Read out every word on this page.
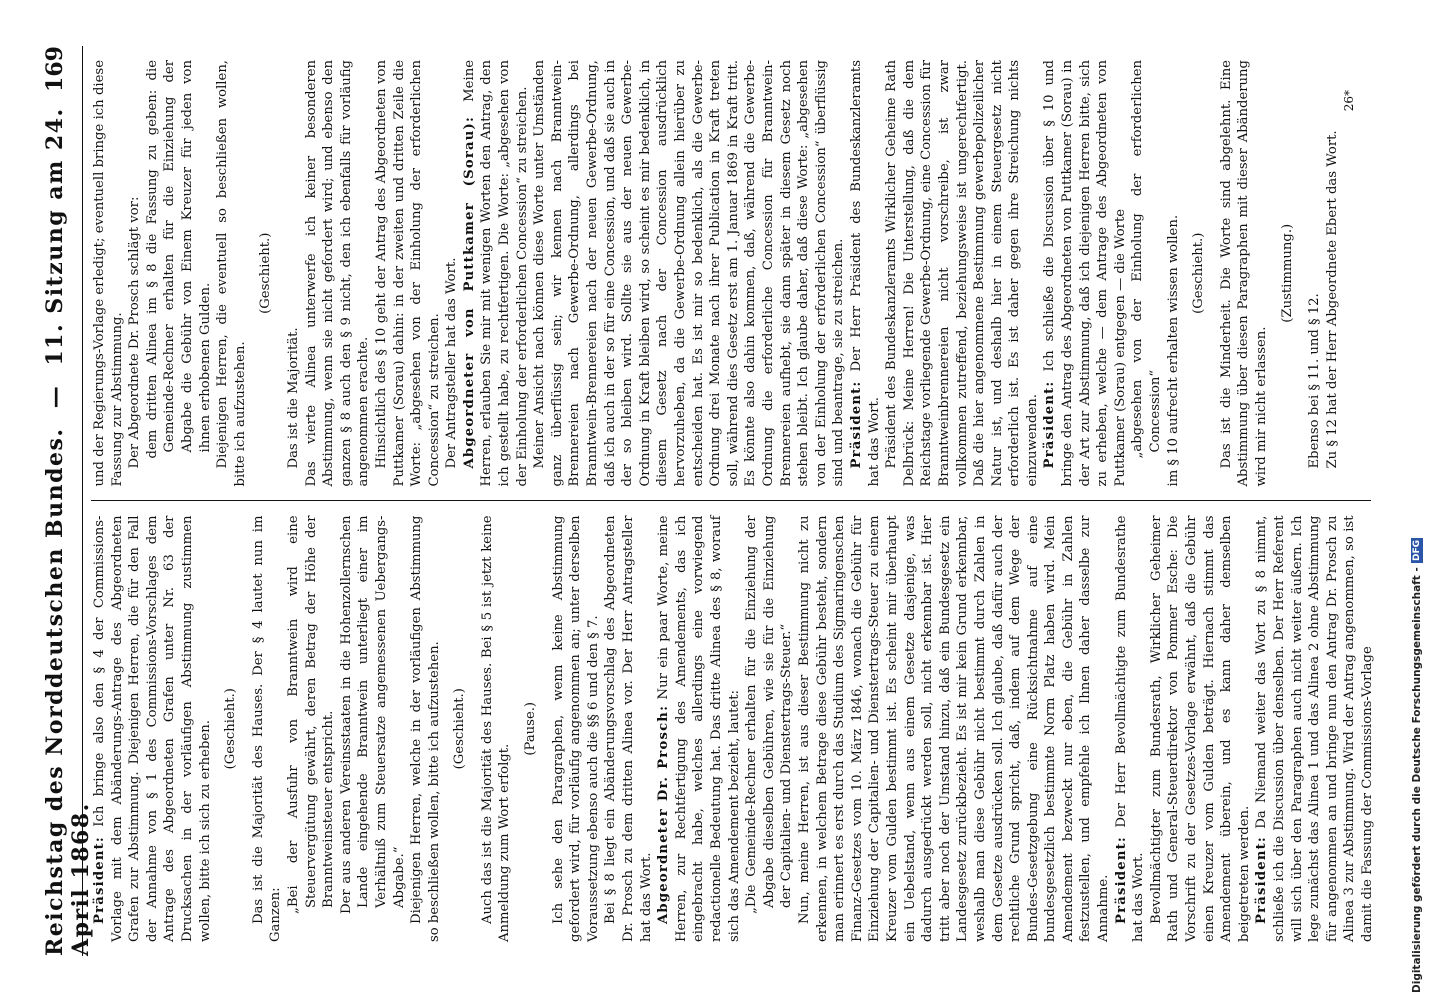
Reichstag des Norddeutschen Bundes. — 11. Sitzung am 24. April 1868.
169

Präsident: Ich bringe also den § 4 der Commissions-Vorlage mit dem Abänderungs-Antrage des Abgeordneten Grafen zur Abstimmung. Diejenigen Herren, die für den Fall der Annahme von § 1 des Commissions-Vorschlages dem Antrage des Abgeordneten Grafen unter Nr. 63 der Drucksachen in der vorläufigen Abstimmung zustimmen wollen, bitte ich sich zu erheben. (Geschieht.) Das ist die Majorität des Hauses. Der § 4 lautet nun im Ganzen:

„Bei der Ausfuhr von Branntwein wird eine Steuervergütung gewährt, deren Betrag der Höhe der Branntweinsteuer entspricht. Der aus anderen Vereinsstaaten in die Hohenzollernschen Lande eingehende Branntwein unterliegt einer im Verhältniß zum Steuersatze angemessenen Uebergangs-Abgabe.“ Diejenigen Herren, welche in der vorläufigen Abstimmung so beschließen wollen, bitte ich aufzustehen. (Geschieht.) Auch das ist die Majorität des Hauses. Bei § 5 ist jetzt keine Anmeldung zum Wort erfolgt.

(Pause.) Ich sehe den Paragraphen, wenn keine Abstimmung gefordert wird, für vorläufig angenommen an; unter derselben Voraussetzung ebenso auch die §§ 6 und den § 7. Bei § 8 liegt ein Abänderungsvorschlag des Abgeordneten Dr. Prosch zu dem dritten Alinea vor. Der Herr Antragsteller hat das Wort. Abgeordneter Dr. Prosch: Nur ein paar Worte, meine Herren, zur Rechtfertigung des Amendements, das ich eingebracht habe, welches allerdings eine vorwiegend redactionelle Bedeutung hat. Das dritte Alinea des § 8, worauf sich das Amendement bezieht, lautet: „Die Gemeinde-Rechner erhalten für die Einziehung der Abgabe dieselben Gebühren, wie sie für die Einziehung der Capitalien- und Dienstertrags-Steuer.“ Nun, meine Herren, ist aus dieser Bestimmung nicht zu erkennen, in welchem Betrage diese Gebühr besteht, sondern man erinnert es erst durch das Studium des Sigmaringenschen Finanz-Gesetzes vom 10. März 1846, wonach die Gebühr für Einziehung der Capitalien- und Dienstertrags-Steuer zu einem Kreuzer vom Gulden bestimmt ist. Es scheint mir überhaupt ein Uebelstand, wenn aus einem Gesetze dasjenige, was dadurch ausgedrückt werden soll, nicht erkennbar ist. Hier tritt aber noch der Umstand hinzu, daß ein Bundesgesetz ein Landesgesetz zurückbezieht. Es ist mir kein Grund erkennbar, weshalb man diese Gebühr nicht bestimmt durch Zahlen in dem Gesetze ausdrücken soll. Ich glaube, daß dafür auch der rechtliche Grund spricht, daß, indem auf dem Wege der Bundes-Gesetzgebung eine Rücksichtnahme auf eine bundesgesetzlich bestimmte Norm Platz haben wird. Mein Amendement bezweckt nur eben, die Gebühr in Zahlen festzustellen, und empfehle ich Ihnen daher dasselbe zur Annahme. Präsident: Der Herr Bevollmächtigte zum Bundesrathe hat das Wort. Bevollmächtigter zum Bundesrath, Wirklicher Geheimer Rath und General-Steuerdirektor von Pommer Esche: Die Vorschrift zu der Gesetzes-Vorlage erwähnt, daß die Gebühr einen Kreuzer vom Gulden beträgt. Hiernach stimmt das Amendement überein, und es kann daher demselben beigetreten werden. Präsident: Da Niemand weiter das Wort zu § 8 nimmt, schließe ich die Discussion über denselben. Der Herr Referent will sich über den Paragraphen auch nicht weiter äußern. Ich lege zunächst das Alinea 1 und das Alinea 2 ohne Abstimmung für angenommen an und bringe nun den Antrag Dr. Prosch zu Alinea 3 zur Abstimmung. Wird der Antrag angenommen, so ist damit die Fassung der Commissions-Vorlage

und der Regierungs-Vorlage erledigt; eventuell bringe ich diese Fassung zur Abstimmung. Der Abgeordnete Dr. Prosch schlägt vor: dem dritten Alinea im § 8 die Fassung zu geben: die Gemeinde-Rechner erhalten für die Einziehung der Abgabe die Gebühr von Einem Kreuzer für jeden von ihnen erhobenen Gulden. Diejenigen Herren, die eventuell so beschließen wollen, bitte ich aufzustehen.

(Geschieht.)

Das ist die Majorität. Das vierte Alinea unterwerfe ich keiner besonderen Abstimmung, wenn sie nicht gefordert wird; und ebenso den ganzen § 8 auch den § 9 nicht, den ich ebenfalls für vorläufig angenommen erachte. Hinsichtlich des § 10 geht der Antrag des Abgeordneten von Puttkamer (Sorau) dahin: in der zweiten und dritten Zeile die Worte: „abgesehen von der Einholung der erforderlichen Concession“ zu streichen. Der Antragsteller hat das Wort. Abgeordneter von Puttkamer (Sorau): Meine Herren, erlauben Sie mir mit wenigen Worten den Antrag, den ich gestellt habe, zu rechtfertigen. Die Worte: „abgesehen von der Einholung der erforderlichen Concession“ zu streichen. Meiner Ansicht nach können diese Worte unter Umständen ganz überflüssig sein; wir kennen nach Branntwein-Brennereien nach Gewerbe-Ordnung, allerdings bei Branntwein-Brennereien nach der neuen Gewerbe-Ordnung, daß ich auch in der so für eine Concession, und daß sie auch in der so bleiben wird. Sollte sie aus der neuen Gewerbe-Ordnung in Kraft bleiben wird, so scheint es mir bedenklich, in diesem Gesetz nach der Concession ausdrücklich hervorzuheben, da die Gewerbe-Ordnung allein hierüber zu entscheiden hat. Es ist mir so bedenklich, als die Gewerbe-Ordnung drei Monate nach ihrer Publication in Kraft treten soll, während dies Gesetz erst am 1. Januar 1869 in Kraft tritt. Es könnte also dahin kommen, daß, während die Gewerbe-Ordnung die erforderliche Concession für Branntwein-Brennereien aufhebt, sie dann später in diesem Gesetz noch stehen bleibt. Ich glaube daher, daß diese Worte: „abgesehen von der Einholung der erforderlichen Concession“ überflüssig sind und beantrage, sie zu streichen. Präsident: Der Herr Präsident des Bundeskanzleramts hat das Wort. Präsident des Bundeskanzleramts Wirklicher Geheime Rath Delbrück: Meine Herren! Die Unterstellung, daß die dem Reichstage vorliegende Gewerbe-Ordnung, eine Concession für Branntweinbrennereien nicht vorschreibe, ist zwar vollkommen zutreffend, beziehungsweise ist ungerechtfertigt. Daß die hier angenommene Bestimmung gewerbepolizeilicher Natur ist, und deshalb hier in einem Steuergesetz nicht erforderlich ist. Es ist daher gegen ihre Streichung nichts einzuwenden. Präsident: Ich schließe die Discussion über § 10 und bringe den Antrag des Abgeordneten von Puttkamer (Sorau) in der Art zur Abstimmung, daß ich diejenigen Herren bitte, sich zu erheben, welche — dem Antrage des Abgeordneten von Puttkamer (Sorau) entgegen — die Worte „abgesehen von der Einholung der erforderlichen Concession“ im § 10 aufrecht erhalten wissen wollen. (Geschieht.) Das ist die Minderheit. Die Worte sind abgelehnt. Eine Abstimmung über diesen Paragraphen mit dieser Abänderung wird mir nicht erlassen.

(Zustimmung.)

Ebenso bei § 11. und § 12. Zu § 12 hat der Herr Abgeordnete Ebert das Wort.

26*
Digitalisierung gefördert durch die Deutsche Forschungsgemeinschaft -
DFG
